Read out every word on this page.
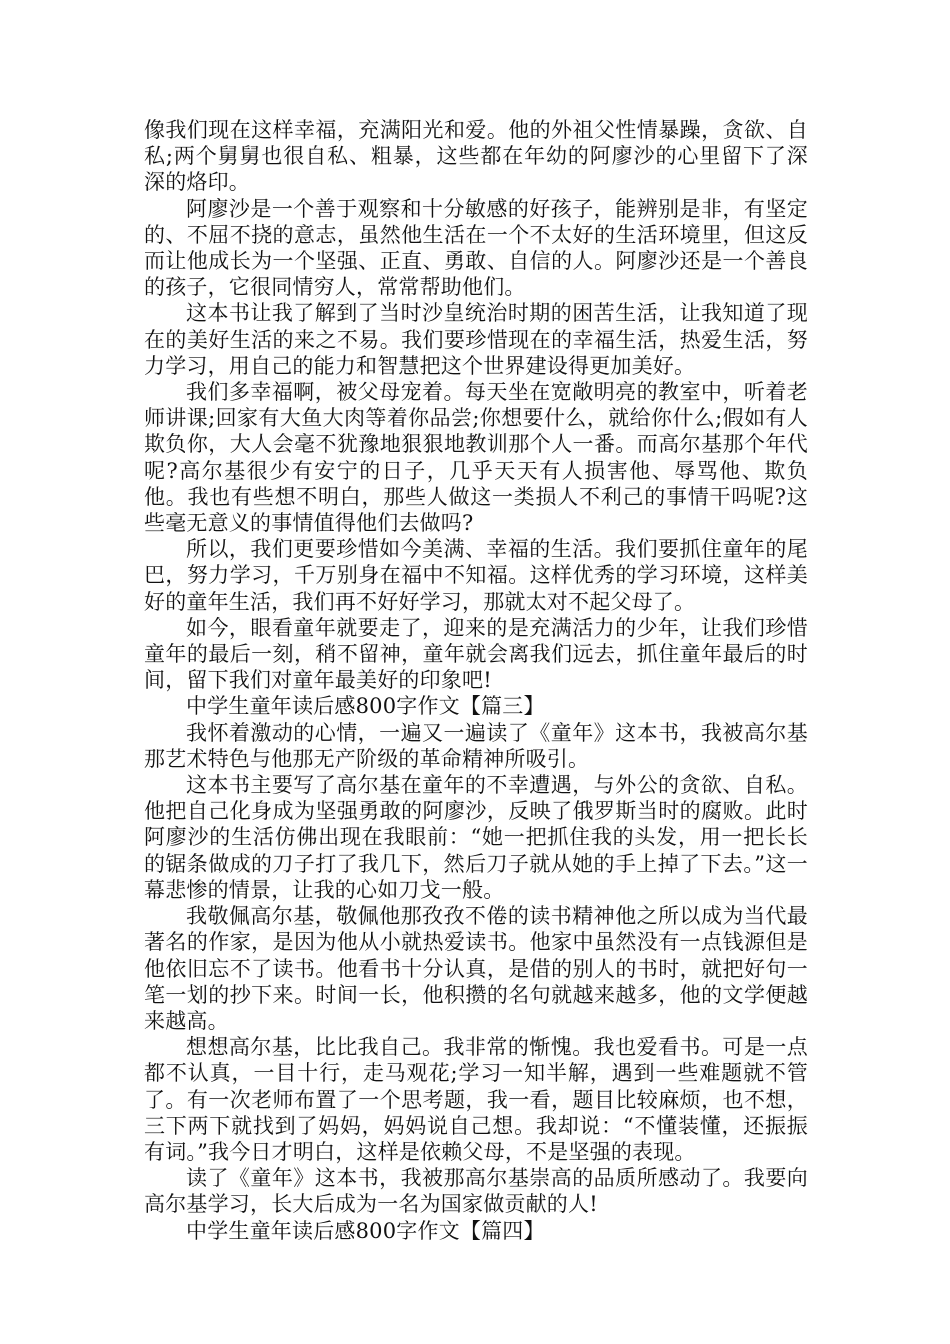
像我们现在这样幸福，充满阳光和爱。他的外祖父性情暴躁，贪欲、自私;两个舅舅也很自私、粗暴，这些都在年幼的阿廖沙的心里留下了深深的烙印。

阿廖沙是一个善于观察和十分敏感的好孩子，能辨别是非，有坚定的、不屈不挠的意志，虽然他生活在一个不太好的生活环境里，但这反而让他成长为一个坚强、正直、勇敢、自信的人。阿廖沙还是一个善良的孩子，它很同情穷人，常常帮助他们。

这本书让我了解到了当时沙皇统治时期的困苦生活，让我知道了现在的美好生活的来之不易。我们要珍惜现在的幸福生活，热爱生活，努力学习，用自己的能力和智慧把这个世界建设得更加美好。

我们多幸福啊，被父母宠着。每天坐在宽敞明亮的教室中，听着老师讲课;回家有大鱼大肉等着你品尝;你想要什么，就给你什么;假如有人欺负你，大人会毫不犹豫地狠狠地教训那个人一番。而高尔基那个年代呢?高尔基很少有安宁的日子，几乎天天有人损害他、辱骂他、欺负他。我也有些想不明白，那些人做这一类损人不利己的事情干吗呢?这些毫无意义的事情值得他们去做吗?

所以，我们更要珍惜如今美满、幸福的生活。我们要抓住童年的尾巴，努力学习，千万别身在福中不知福。这样优秀的学习环境，这样美好的童年生活，我们再不好好学习，那就太对不起父母了。

如今，眼看童年就要走了，迎来的是充满活力的少年，让我们珍惜童年的最后一刻，稍不留神，童年就会离我们远去，抓住童年最后的时间，留下我们对童年最美好的印象吧!

中学生童年读后感800字作文【篇三】

我怀着激动的心情，一遍又一遍读了《童年》这本书，我被高尔基那艺术特色与他那无产阶级的革命精神所吸引。

这本书主要写了高尔基在童年的不幸遭遇，与外公的贪欲、自私。他把自己化身成为坚强勇敢的阿廖沙，反映了俄罗斯当时的腐败。此时阿廖沙的生活仿佛出现在我眼前：“她一把抓住我的头发，用一把长长的锯条做成的刀子打了我几下，然后刀子就从她的手上掉了下去。”这一幕悲惨的情景，让我的心如刀戈一般。

我敬佩高尔基，敬佩他那孜孜不倦的读书精神他之所以成为当代最著名的作家，是因为他从小就热爱读书。他家中虽然没有一点钱源但是他依旧忘不了读书。他看书十分认真，是借的别人的书时，就把好句一笔一划的抄下来。时间一长，他积攒的名句就越来越多，他的文学便越来越高。

想想高尔基，比比我自己。我非常的惭愧。我也爱看书。可是一点都不认真，一目十行，走马观花;学习一知半解，遇到一些难题就不管了。有一次老师布置了一个思考题，我一看，题目比较麻烦，也不想，三下两下就找到了妈妈，妈妈说自己想。我却说：“不懂装懂，还振振有词。”我今日才明白，这样是依赖父母，不是坚强的表现。

读了《童年》这本书，我被那高尔基崇高的品质所感动了。我要向高尔基学习，长大后成为一名为国家做贡献的人!

中学生童年读后感800字作文【篇四】
